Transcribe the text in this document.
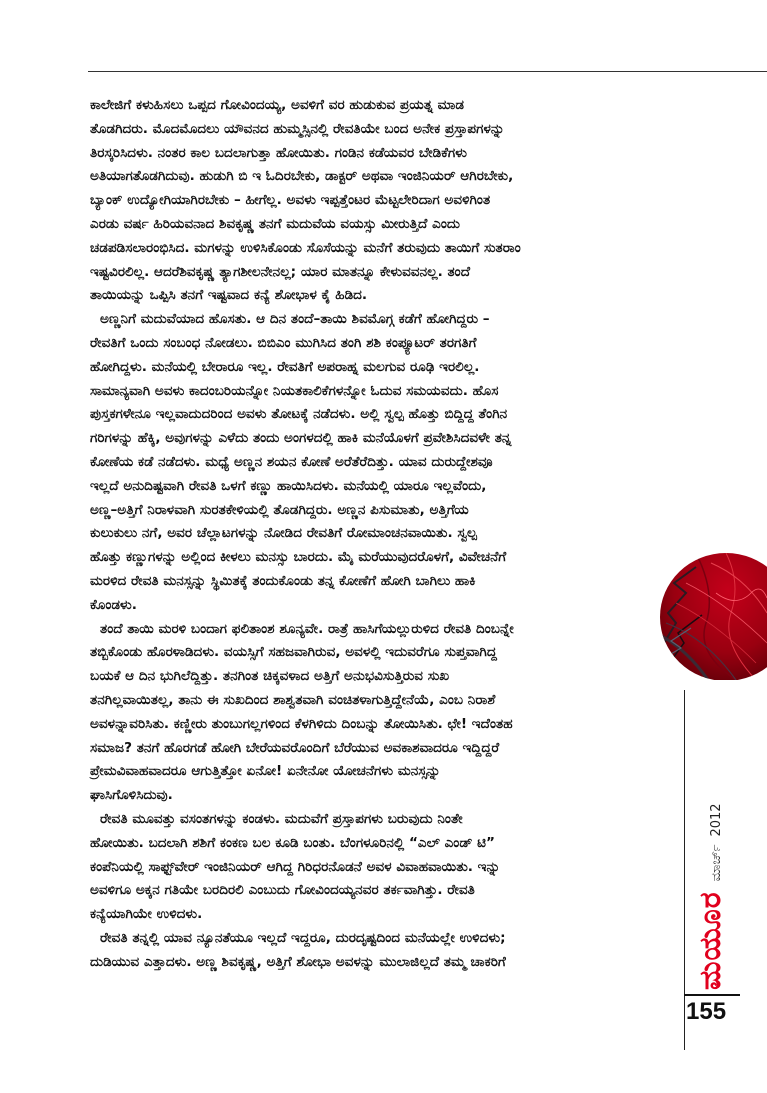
ಕಾಲೇಜಿಗೆ ಕಳುಹಿಸಲು ಒಪ್ಪದ ಗೋವಿಂದಯ್ಯ, ಅವಳಿಗೆ ವರ ಹುಡುಕುವ ಪ್ರಯತ್ನ ಮಾಡ
ತೊಡಗಿದರು. ಮೊದಮೊದಲು ಯೌವನದ ಹುಮ್ಮಸ್ಸಿನಲ್ಲಿ ರೇವತಿಯೇ ಬಂದ ಅನೇಕ ಪ್ರಸ್ತಾಪಗಳನ್ನು
ತಿರಸ್ಕರಿಸಿದಳು. ನಂತರ ಕಾಲ ಬದಲಾಗುತ್ತಾ ಹೋಯಿತು. ಗಂಡಿನ ಕಡೆಯವರ ಬೇಡಿಕೆಗಳು
ಅತಿಯಾಗತೊಡಗಿದುವು. ಹುಡುಗಿ ಬಿ ಇ ಓದಿರಬೇಕು, ಡಾಕ್ಟರ್ ಅಥವಾ ಇಂಜಿನಿಯರ್ ಆಗಿರಬೇಕು,
ಬ್ಯಾಂಕ್ ಉದ್ಯೋಗಿಯಾಗಿರಬೇಕು – ಹೀಗೆಲ್ಲ. ಅವಳು ಇಪ್ಪತ್ತೆಂಟರ ಮೆಟ್ಟಲೇರಿದಾಗ ಅವಳಿಗಿಂತ
ಎರಡು ವರ್ಷ ಹಿರಿಯವನಾದ ಶಿವಕೃಷ್ಣ ತನಗೆ ಮದುವೆಯ ವಯಸ್ಸು ಮೀರುತ್ತಿದೆ ಎಂದು
ಚಡಪಡಿಸಲಾರಂಭಿಸಿದ. ಮಗಳನ್ನು ಉಳಿಸಿಕೊಂಡು ಸೊಸೆಯನ್ನು ಮನೆಗೆ ತರುವುದು ತಾಯಿಗೆ ಸುತರಾಂ
ಇಷ್ಟವಿರಲಿಲ್ಲ. ಆದರೆಶಿವಕೃಷ್ಣ ತ್ಯಾಗಶೀಲನೇನಲ್ಲ; ಯಾರ ಮಾತನ್ನೂ ಕೇಳುವವನಲ್ಲ. ತಂದೆ
ತಾಯಿಯನ್ನು ಒಪ್ಪಿಸಿ ತನಗೆ ಇಷ್ಟವಾದ ಕನ್ಯೆ ಶೋಭಾಳ ಕೈ ಹಿಡಿದ.
ಅಣ್ಣನಿಗೆ ಮದುವೆಯಾದ ಹೊಸತು. ಆ ದಿನ ತಂದೆ–ತಾಯಿ ಶಿವಮೊಗ್ಗ ಕಡೆಗೆ ಹೋಗಿದ್ದರು –
ರೇವತಿಗೆ ಒಂದು ಸಂಬಂಧ ನೋಡಲು. ಬಿಬಿಎಂ ಮುಗಿಸಿದ ತಂಗಿ ಶಶಿ ಕಂಪ್ಯೂಟರ್ ತರಗತಿಗೆ
ಹೋಗಿದ್ದಳು. ಮನೆಯಲ್ಲಿ ಬೇರಾರೂ ಇಲ್ಲ. ರೇವತಿಗೆ ಅಪರಾಹ್ನ ಮಲಗುವ ರೂಢಿ ಇರಲಿಲ್ಲ.
ಸಾಮಾನ್ಯವಾಗಿ ಅವಳು ಕಾದಂಬರಿಯನ್ನೋ ನಿಯತಕಾಲಿಕೆಗಳನ್ನೋ ಓದುವ ಸಮಯವದು. ಹೊಸ
ಪುಸ್ತಕಗಳೇನೂ ಇಲ್ಲವಾದುದರಿಂದ ಅವಳು ತೋಟಕ್ಕೆ ನಡೆದಳು. ಅಲ್ಲಿ ಸ್ವಲ್ಪ ಹೊತ್ತು ಬಿದ್ದಿದ್ದ ತೆಂಗಿನ
ಗರಿಗಳನ್ನು ಹೆಕ್ಕಿ, ಅವುಗಳನ್ನು ಎಳೆದು ತಂದು ಅಂಗಳದಲ್ಲಿ ಹಾಕಿ ಮನೆಯೊಳಗೆ ಪ್ರವೇಶಿಸಿದವಳೇ ತನ್ನ
ಕೋಣೆಯ ಕಡೆ ನಡೆದಳು. ಮಧ್ಯೆ ಅಣ್ಣನ ಶಯನ ಕೋಣೆ ಅರೆತೆರೆದಿತ್ತು. ಯಾವ ದುರುದ್ದೇಶವೂ
ಇಲ್ಲದೆ ಅನುದಿಷ್ಟವಾಗಿ ರೇವತಿ ಒಳಗೆ ಕಣ್ಣು ಹಾಯಿಸಿದಳು. ಮನೆಯಲ್ಲಿ ಯಾರೂ ಇಲ್ಲವೆಂದು,
ಅಣ್ಣ–ಅತ್ತಿಗೆ ನಿರಾಳವಾಗಿ ಸುರತಕೇಳಿಯಲ್ಲಿ ತೊಡಗಿದ್ದರು. ಅಣ್ಣನ ಪಿಸುಮಾತು, ಅತ್ತಿಗೆಯ
ಕುಲುಕುಲು ನಗೆ, ಅವರ ಚೆಲ್ಲಾಟಗಳನ್ನು ನೋಡಿದ ರೇವತಿಗೆ ರೋಮಾಂಚನವಾಯಿತು. ಸ್ವಲ್ಪ
ಹೊತ್ತು ಕಣ್ಣುಗಳನ್ನು ಅಲ್ಲಿಂದ ಕೀಳಲು ಮನಸ್ಸು ಬಾರದು. ಮೈ ಮರೆಯುವುದರೊಳಗೆ, ವಿವೇಚನೆಗೆ
ಮರಳಿದ ರೇವತಿ ಮನಸ್ಸನ್ನು ಸ್ಥಿಮಿತಕ್ಕೆ ತಂದುಕೊಂಡು ತನ್ನ ಕೋಣೆಗೆ ಹೋಗಿ ಬಾಗಿಲು ಹಾಕಿ
ಕೊಂಡಳು.
ತಂದೆ ತಾಯಿ ಮರಳಿ ಬಂದಾಗ ಫಲಿತಾಂಶ ಶೂನ್ಯವೇ. ರಾತ್ರೆ ಹಾಸಿಗೆಯಲ್ಲುರುಳಿದ ರೇವತಿ ದಿಂಬನ್ನೇ
ತಬ್ಬಿಕೊಂಡು ಹೊರಳಾಡಿದಳು. ವಯಸ್ಸಿಗೆ ಸಹಜವಾಗಿರುವ, ಅವಳಲ್ಲಿ ಇದುವರೆಗೂ ಸುಪ್ತವಾಗಿದ್ದ
ಬಯಕೆ ಆ ದಿನ ಭುಗಿಲೆದ್ದಿತ್ತು. ತನಗಿಂತ ಚಿಕ್ಕವಳಾದ ಅತ್ತಿಗೆ ಅನುಭವಿಸುತ್ತಿರುವ ಸುಖ
ತನಗಿಲ್ಲವಾಯಿತಲ್ಲ, ತಾನು ಈ ಸುಖದಿಂದ ಶಾಶ್ವತವಾಗಿ ವಂಚಿತಳಾಗುತ್ತಿದ್ದೇನೆಯೆ, ಎಂಬ ನಿರಾಶೆ
ಅವಳನ್ನಾವರಿಸಿತು. ಕಣ್ಣೀರು ತುಂಬುಗಲ್ಲಗಳಿಂದ ಕೆಳಗಿಳಿದು ದಿಂಬನ್ನು ತೋಯಿಸಿತು. ಛೇ! ಇದೆಂತಹ
ಸಮಾಜ? ತನಗೆ ಹೊರಗಡೆ ಹೋಗಿ ಬೇರೆಯವರೊಂದಿಗೆ ಬೆರೆಯುವ ಅವಕಾಶವಾದರೂ ಇದ್ದಿದ್ದರೆ
ಪ್ರೇಮವಿವಾಹವಾದರೂ ಆಗುತ್ತಿತ್ತೋ ಏನೋ! ಏನೇನೋ ಯೋಚನೆಗಳು ಮನಸ್ಸನ್ನು
ಘಾಸಿಗೊಳಿಸಿದುವು.
ರೇವತಿ ಮೂವತ್ತು ವಸಂತಗಳನ್ನು ಕಂಡಳು. ಮದುವೆಗೆ ಪ್ರಸ್ತಾಪಗಳು ಬರುವುದು ನಿಂತೇ
ಹೋಯಿತು. ಬದಲಾಗಿ ಶಶಿಗೆ ಕಂಕಣ ಬಲ ಕೂಡಿ ಬಂತು. ಬೆಂಗಳೂರಿನಲ್ಲಿ “ಎಲ್ ಎಂಡ್ ಟಿ”
ಕಂಪೆನಿಯಲ್ಲಿ ಸಾಫ್ಟ್‌ವೇರ್ ಇಂಜಿನಿಯರ್ ಆಗಿದ್ದ ಗಿರಿಧರನೊಡನೆ ಅವಳ ವಿವಾಹವಾಯಿತು. ಇನ್ನು
ಅವಳಿಗೂ ಅಕ್ಕನ ಗತಿಯೇ ಬರದಿರಲಿ ಎಂಬುದು ಗೋವಿಂದಯ್ಯನವರ ತರ್ಕವಾಗಿತ್ತು. ರೇವತಿ
ಕನ್ಯೆಯಾಗಿಯೇ ಉಳಿದಳು.
ರೇವತಿ ತನ್ನಲ್ಲಿ ಯಾವ ನ್ಯೂನತೆಯೂ ಇಲ್ಲದೆ ಇದ್ದರೂ, ದುರದೃಷ್ಟದಿಂದ ಮನೆಯಲ್ಲೇ ಉಳಿದಳು;
ದುಡಿಯುವ ಎತ್ತಾದಳು. ಅಣ್ಣ ಶಿವಕೃಷ್ಣ, ಅತ್ತಿಗೆ ಶೋಭಾ ಅವಳನ್ನು ಮುಲಾಜಿಲ್ಲದೆ ತಮ್ಮ ಚಾಕರಿಗೆ	ಮಯೂರ
ಮಾರ್ಚ್
2012
155
